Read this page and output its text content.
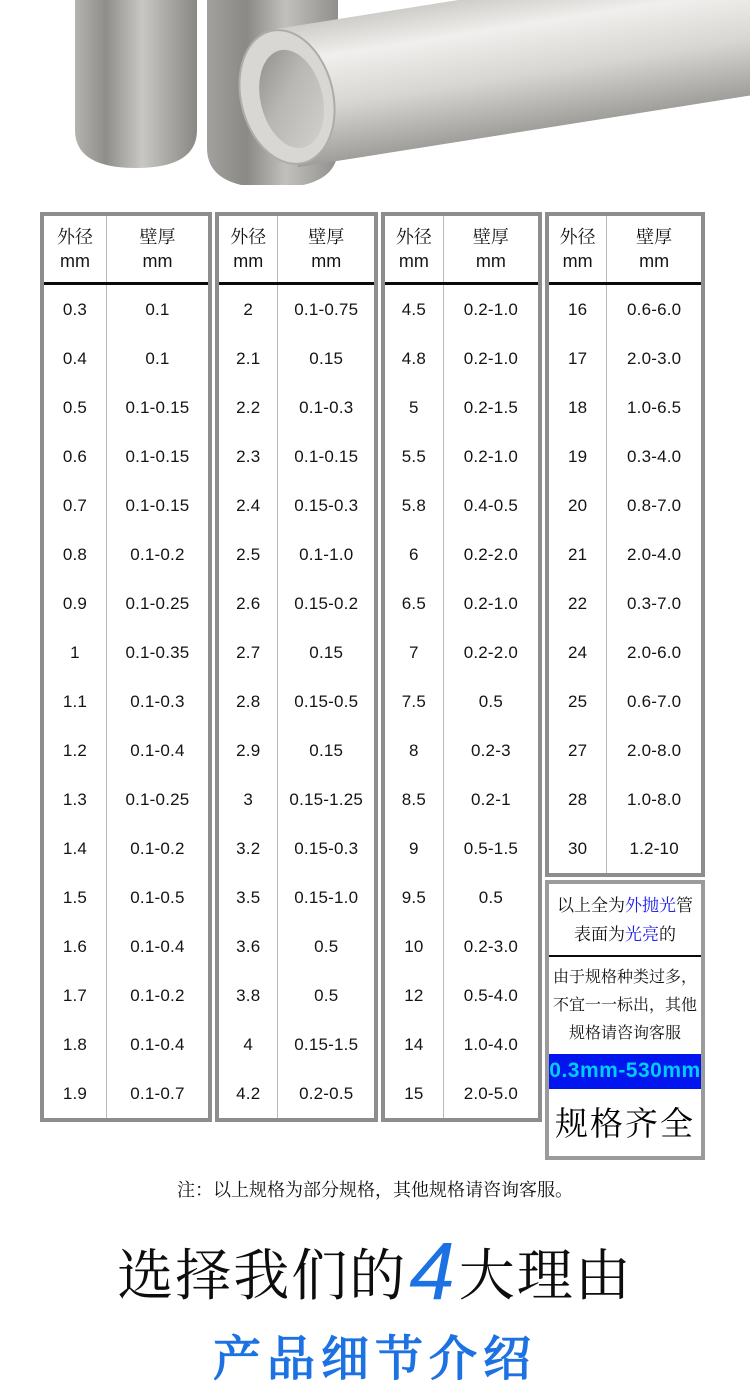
外径
mm	壁厚
mm

0.3	0.1
0.4	0.1
0.5	0.1-0.15
0.6	0.1-0.15
0.7	0.1-0.15
0.8	0.1-0.2
0.9	0.1-0.25
1	0.1-0.35
1.1	0.1-0.3
1.2	0.1-0.4
1.3	0.1-0.25
1.4	0.1-0.2
1.5	0.1-0.5
1.6	0.1-0.4
1.7	0.1-0.2
1.8	0.1-0.4
1.9	0.1-0.7
外径
mm	壁厚
mm

2	0.1-0.75
2.1	0.15
2.2	0.1-0.3
2.3	0.1-0.15
2.4	0.15-0.3
2.5	0.1-1.0
2.6	0.15-0.2
2.7	0.15
2.8	0.15-0.5
2.9	0.15
3	0.15-1.25
3.2	0.15-0.3
3.5	0.15-1.0
3.6	0.5
3.8	0.5
4	0.15-1.5
4.2	0.2-0.5
外径
mm	壁厚
mm

4.5	0.2-1.0
4.8	0.2-1.0
5	0.2-1.5
5.5	0.2-1.0
5.8	0.4-0.5
6	0.2-2.0
6.5	0.2-1.0
7	0.2-2.0
7.5	0.5
8	0.2-3
8.5	0.2-1
9	0.5-1.5
9.5	0.5
10	0.2-3.0
12	0.5-4.0
14	1.0-4.0
15	2.0-5.0
外径
mm	壁厚
mm

16	0.6-6.0
17	2.0-3.0
18	1.0-6.5
19	0.3-4.0
20	0.8-7.0
21	2.0-4.0
22	0.3-7.0
24	2.0-6.0
25	0.6-7.0
27	2.0-8.0
28	1.0-8.0
30	1.2-10
以上全为外抛光管
表面为光亮的
由于规格种类过多，
不宜一一标出，其他
规格请咨询客服
0.3mm-530mm
规格齐全
注：以上规格为部分规格，其他规格请咨询客服。
选择我们的4大理由
产品细节介绍
